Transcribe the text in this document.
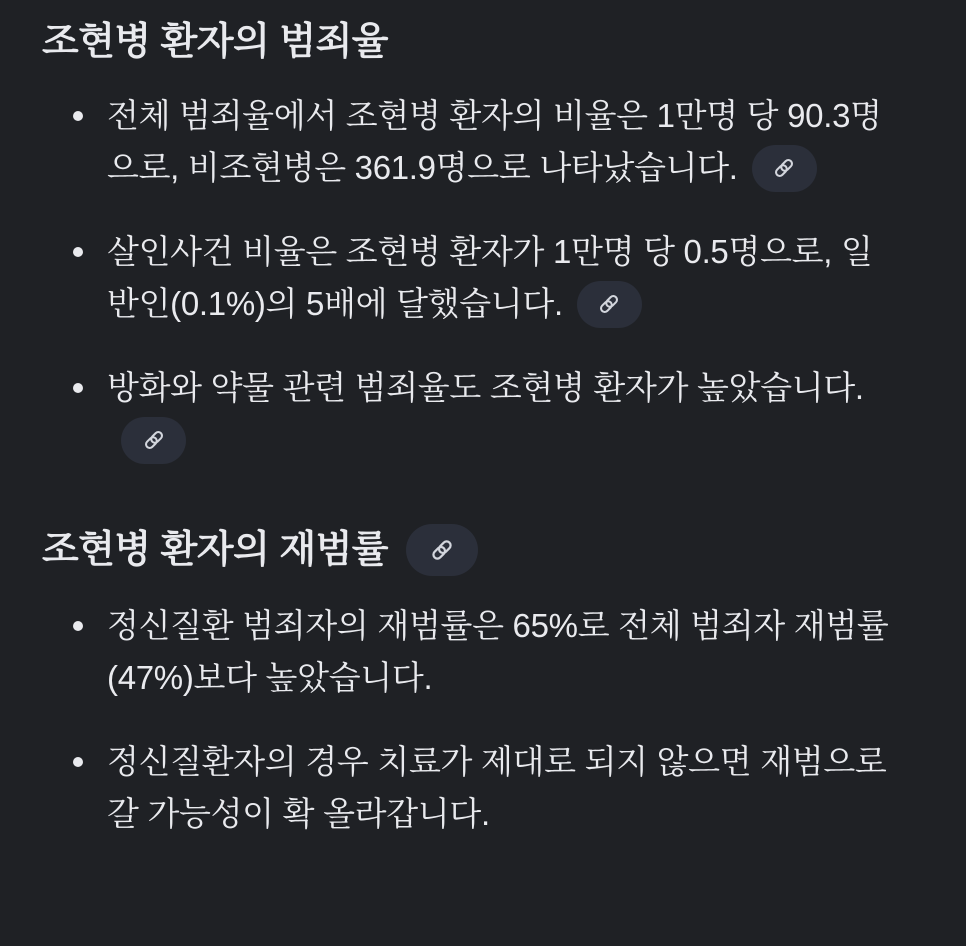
조현병 환자의 범죄율
전체 범죄율에서 조현병 환자의 비율은 1만명 당 90.3명으로, 비조현병은 361.9명으로 나타났습니다.
살인사건 비율은 조현병 환자가 1만명 당 0.5명으로, 일반인(0.1%)의 5배에 달했습니다.
방화와 약물 관련 범죄율도 조현병 환자가 높았습니다.
조현병 환자의 재범률
정신질환 범죄자의 재범률은 65%로 전체 범죄자 재범률(47%)보다 높았습니다.
정신질환자의 경우 치료가 제대로 되지 않으면 재범으로 갈 가능성이 확 올라갑니다.
